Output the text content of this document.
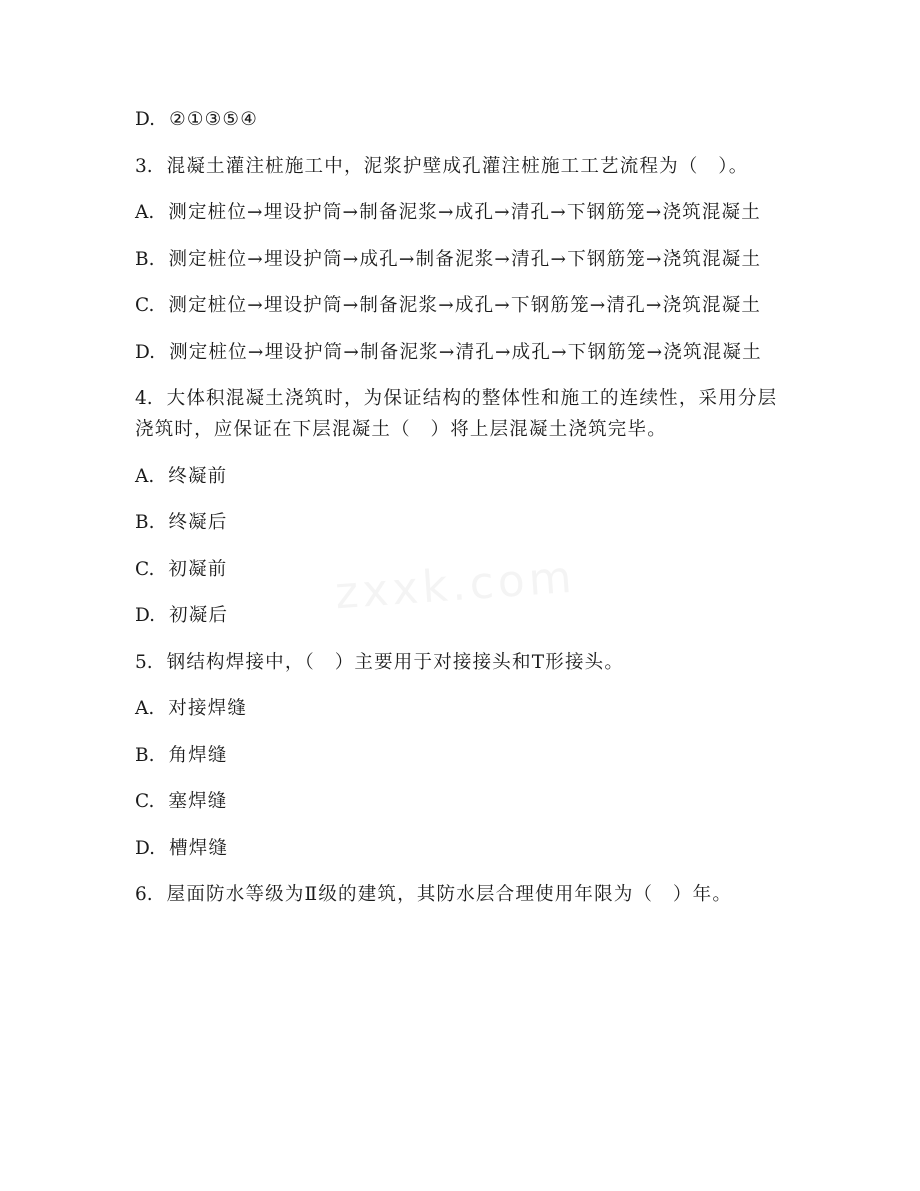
D. ②①③⑤④

3. 混凝土灌注桩施工中，泥浆护壁成孔灌注桩施工工艺流程为（　）。

A. 测定桩位→埋设护筒→制备泥浆→成孔→清孔→下钢筋笼→浇筑混凝土

B. 测定桩位→埋设护筒→成孔→制备泥浆→清孔→下钢筋笼→浇筑混凝土

C. 测定桩位→埋设护筒→制备泥浆→成孔→下钢筋笼→清孔→浇筑混凝土

D. 测定桩位→埋设护筒→制备泥浆→清孔→成孔→下钢筋笼→浇筑混凝土

4. 大体积混凝土浇筑时，为保证结构的整体性和施工的连续性，采用分层浇筑时，应保证在下层混凝土（　）将上层混凝土浇筑完毕。

A. 终凝前

B. 终凝后

C. 初凝前

D. 初凝后

5. 钢结构焊接中，（　）主要用于对接接头和T形接头。

A. 对接焊缝

B. 角焊缝

C. 塞焊缝

D. 槽焊缝

6. 屋面防水等级为Ⅱ级的建筑，其防水层合理使用年限为（　）年。
